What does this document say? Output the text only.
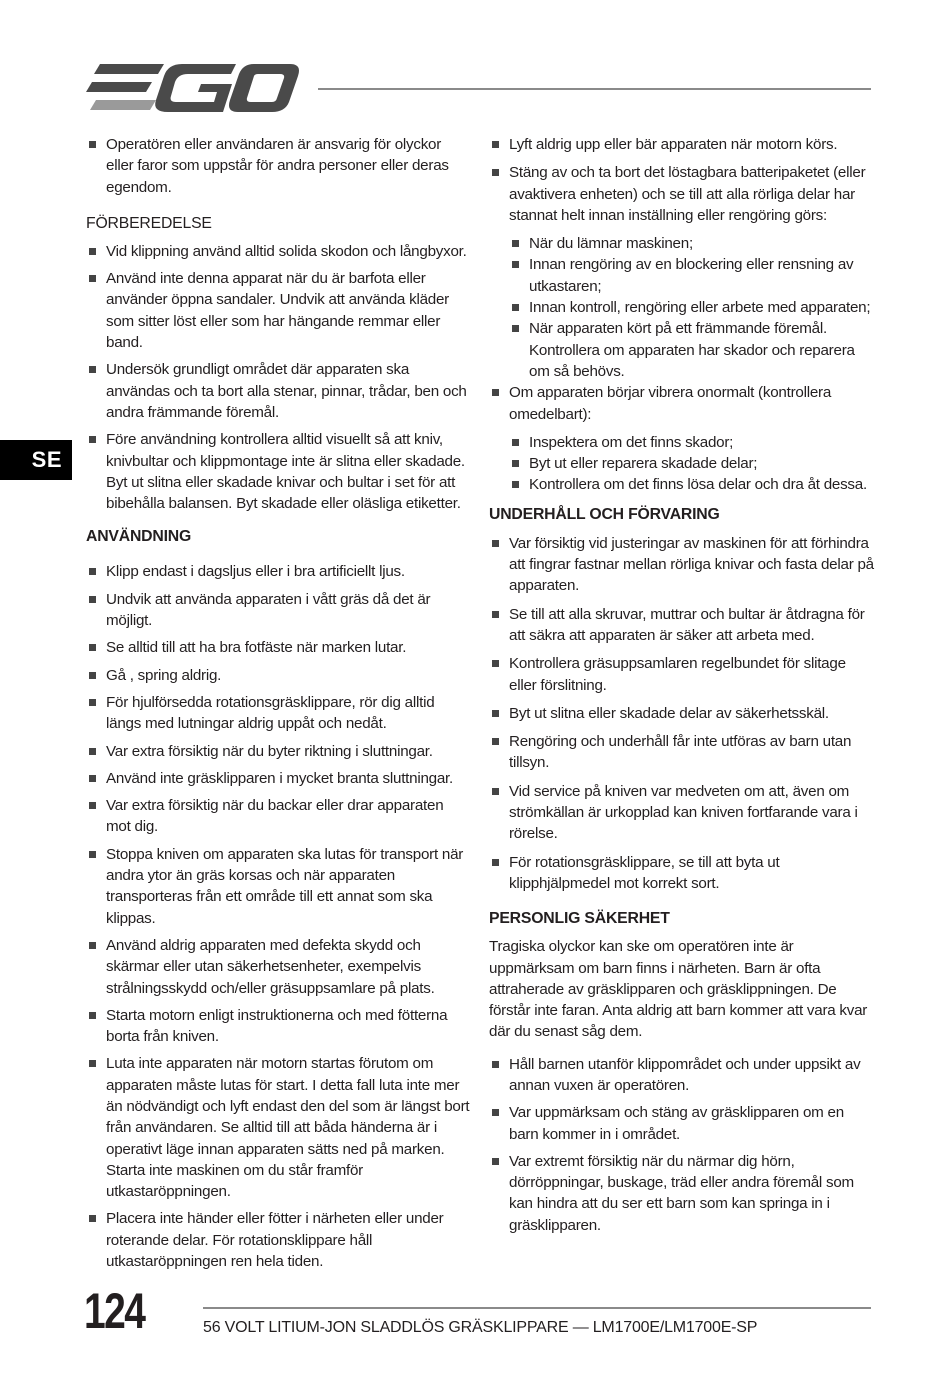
SE
Operatören eller användaren är ansvarig för olyckor eller faror som uppstår för andra personer eller deras egendom.
FÖRBEREDELSE
Vid klippning använd alltid solida skodon och långbyxor.
Använd inte denna apparat när du är barfota eller använder öppna sandaler. Undvik att använda kläder som sitter löst eller som har hängande remmar eller band.
Undersök grundligt området där apparaten ska användas och ta bort alla stenar, pinnar, trådar, ben och andra främmande föremål.
Före användning kontrollera alltid visuellt så att kniv, knivbultar och klippmontage inte är slitna eller skadade. Byt ut slitna eller skadade knivar och bultar i set för att bibehålla balansen. Byt skadade eller oläsliga etiketter.
ANVÄNDNING
Klipp endast i dagsljus eller i bra artificiellt ljus.
Undvik att använda apparaten i vått gräs då det är möjligt.
Se alltid till att ha bra fotfäste när marken lutar.
Gå , spring aldrig.
För hjulförsedda rotationsgräsklippare, rör dig alltid längs med lutningar aldrig uppåt och nedåt.
Var extra försiktig när du byter riktning i sluttningar.
Använd inte gräsklipparen i mycket branta sluttningar.
Var extra försiktig när du backar eller drar apparaten mot dig.
Stoppa kniven om apparaten ska lutas för transport när andra ytor än gräs korsas och när apparaten transporteras från ett område till ett annat som ska klippas.
Använd aldrig apparaten med defekta skydd och skärmar eller utan säkerhetsenheter, exempelvis strålningsskydd och/eller gräsuppsamlare på plats.
Starta motorn enligt instruktionerna och med fötterna borta från kniven.
Luta inte apparaten när motorn startas förutom om apparaten måste lutas för start. I detta fall luta inte mer än nödvändigt och lyft endast den del som är längst bort från användaren. Se alltid till att båda händerna är i operativt läge innan apparaten sätts ned på marken. Starta inte maskinen om du står framför utkastaröppningen.
Placera inte händer eller fötter i närheten eller under roterande delar. För rotationsklippare håll utkastaröppningen ren hela tiden.
Lyft aldrig upp eller bär apparaten när motorn körs.
Stäng av och ta bort det löstagbara batteripaketet (eller avaktivera enheten) och se till att alla rörliga delar har stannat helt innan inställning eller rengöring görs:
När du lämnar maskinen;
Innan rengöring av en blockering eller rensning av utkastaren;
Innan kontroll, rengöring eller arbete med apparaten;
När apparaten kört på ett främmande föremål. Kontrollera om apparaten har skador och reparera om så behövs.
Om apparaten börjar vibrera onormalt (kontrollera omedelbart):
Inspektera om det finns skador;
Byt ut eller reparera skadade delar;
Kontrollera om det finns lösa delar och dra åt dessa.
UNDERHÅLL OCH FÖRVARING
Var försiktig vid justeringar av maskinen för att förhindra att fingrar fastnar mellan rörliga knivar och fasta delar på apparaten.
Se till att alla skruvar, muttrar och bultar är åtdragna för att säkra att apparaten är säker att arbeta med.
Kontrollera gräsuppsamlaren regelbundet för slitage eller förslitning.
Byt ut slitna eller skadade delar av säkerhetsskäl.
Rengöring och underhåll får inte utföras av barn utan tillsyn.
Vid service på kniven var medveten om att, även om strömkällan är urkopplad kan kniven fortfarande vara i rörelse.
För rotationsgräsklippare, se till att byta ut klipphjälpmedel mot korrekt sort.
PERSONLIG SÄKERHET
Tragiska olyckor kan ske om operatören inte är uppmärksam om barn finns i närheten. Barn är ofta attraherade av gräsklipparen och gräsklippningen. De förstår inte faran. Anta aldrig att barn kommer att vara kvar där du senast såg dem.
Håll barnen utanför klippområdet och under uppsikt av annan vuxen är operatören.
Var uppmärksam och stäng av gräsklipparen om en barn kommer in i området.
Var extremt försiktig när du närmar dig hörn, dörröppningar, buskage, träd eller andra föremål som kan hindra att du ser ett barn som kan springa in i gräsklipparen.
124	56 VOLT LITIUM-JON SLADDLÖS GRÄSKLIPPARE — LM1700E/LM1700E-SP
